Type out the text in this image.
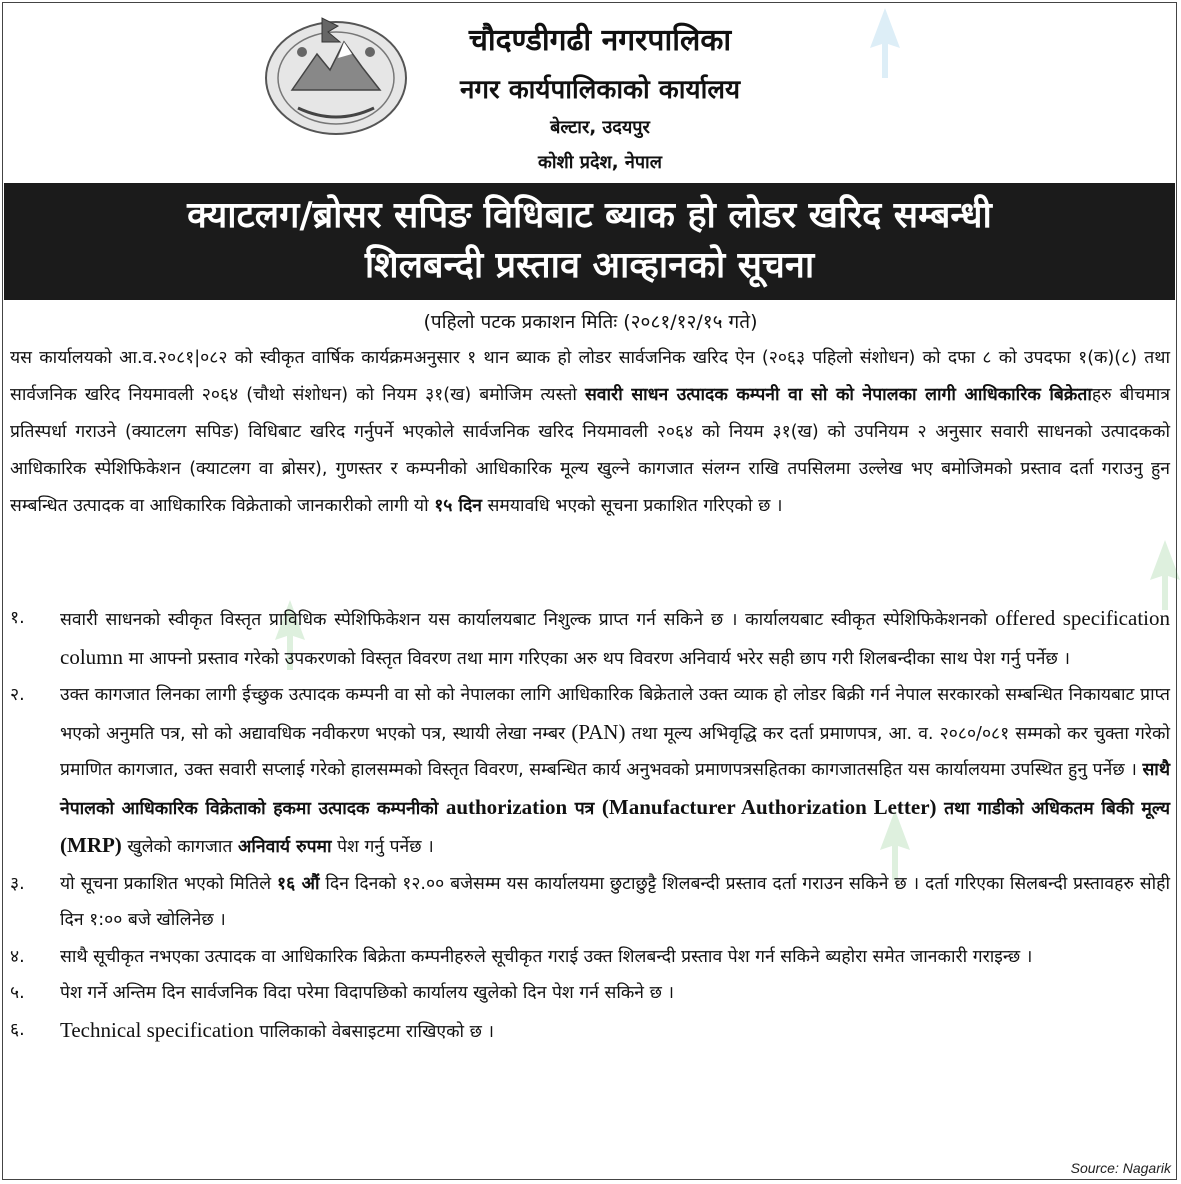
चौदण्डीगढी नगरपालिका
नगर कार्यपालिकाको कार्यालय
बेल्टार, उदयपुर
कोशी प्रदेश, नेपाल
क्याटलग/ब्रोसर सपिङ विधिबाट ब्याक हो लोडर खरिद सम्बन्धी
शिलबन्दी प्रस्ताव आव्हानको सूचना
(पहिलो पटक प्रकाशन मितिः (२०८१/१२/१५ गते)
यस कार्यालयको आ.व.२०८१|०८२ को स्वीकृत वार्षिक कार्यक्रमअनुसार १ थान ब्याक हो लोडर सार्वजनिक खरिद ऐन (२०६३ पहिलो संशोधन) को दफा ८ को उपदफा १(क)(८) तथा सार्वजनिक खरिद नियमावली २०६४ (चौथो संशोधन) को नियम ३१(ख) बमोजिम त्यस्तो सवारी साधन उत्पादक कम्पनी वा सो को नेपालका लागी आधिकारिक बिक्रेताहरु बीचमात्र प्रतिस्पर्धा गराउने (क्याटलग सपिङ) विधिबाट खरिद गर्नुपर्ने भएकोले सार्वजनिक खरिद नियमावली २०६४ को नियम ३१(ख) को उपनियम २ अनुसार सवारी साधनको उत्पादकको आधिकारिक स्पेशिफिकेशन (क्याटलग वा ब्रोसर), गुणस्तर र कम्पनीको आधिकारिक मूल्य खुल्ने कागजात संलग्न राखि तपसिलमा उल्लेख भए बमोजिमको प्रस्ताव दर्ता गराउनु हुन सम्बन्धित उत्पादक वा आधिकारिक विक्रेताको जानकारीको लागी यो १५ दिन समयावधि भएको सूचना प्रकाशित गरिएको छ ।
१.	सवारी साधनको स्वीकृत विस्तृत प्राविधिक स्पेशिफिकेशन यस कार्यालयबाट निशुल्क प्राप्त गर्न सकिने छ । कार्यालयबाट स्वीकृत स्पेशिफिकेशनको offered specification column मा आफ्नो प्रस्ताव गरेको उपकरणको विस्तृत विवरण तथा माग गरिएका अरु थप विवरण अनिवार्य भरेर सही छाप गरी शिलबन्दीका साथ पेश गर्नु पर्नेछ ।
२.	उक्त कागजात लिनका लागी ईच्छुक उत्पादक कम्पनी वा सो को नेपालका लागि आधिकारिक बिक्रेताले उक्त व्याक हो लोडर बिक्री गर्न नेपाल सरकारको सम्बन्धित निकायबाट प्राप्त भएको अनुमति पत्र, सो को अद्यावधिक नवीकरण भएको पत्र, स्थायी लेखा नम्बर (PAN) तथा मूल्य अभिवृद्धि कर दर्ता प्रमाणपत्र, आ. व. २०८०/०८१ सम्मको कर चुक्ता गरेको प्रमाणित कागजात, उक्त सवारी सप्लाई गरेको हालसम्मको विस्तृत विवरण, सम्बन्धित कार्य अनुभवको प्रमाणपत्रसहितका कागजातसहित यस कार्यालयमा उपस्थित हुनु पर्नेछ । साथै नेपालको आधिकारिक विक्रेताको हकमा उत्पादक कम्पनीको authorization पत्र (Manufacturer Authorization Letter) तथा गाडीको अधिकतम बिकी मूल्य (MRP) खुलेको कागजात अनिवार्य रुपमा पेश गर्नु पर्नेछ ।
३.	यो सूचना प्रकाशित भएको मितिले १६ औं दिन दिनको १२.०० बजेसम्म यस कार्यालयमा छुटाछुट्टै शिलबन्दी प्रस्ताव दर्ता गराउन सकिने छ । दर्ता गरिएका सिलबन्दी प्रस्तावहरु सोही दिन १:०० बजे खोलिनेछ ।
४.	साथै सूचीकृत नभएका उत्पादक वा आधिकारिक बिक्रेता कम्पनीहरुले सूचीकृत गराई उक्त शिलबन्दी प्रस्ताव पेश गर्न सकिने ब्यहोरा समेत जानकारी गराइन्छ ।
५.	पेश गर्ने अन्तिम दिन सार्वजनिक विदा परेमा विदापछिको कार्यालय खुलेको दिन पेश गर्न सकिने छ ।
६.	Technical specification पालिकाको वेबसाइटमा राखिएको छ ।
Source: Nagarik
